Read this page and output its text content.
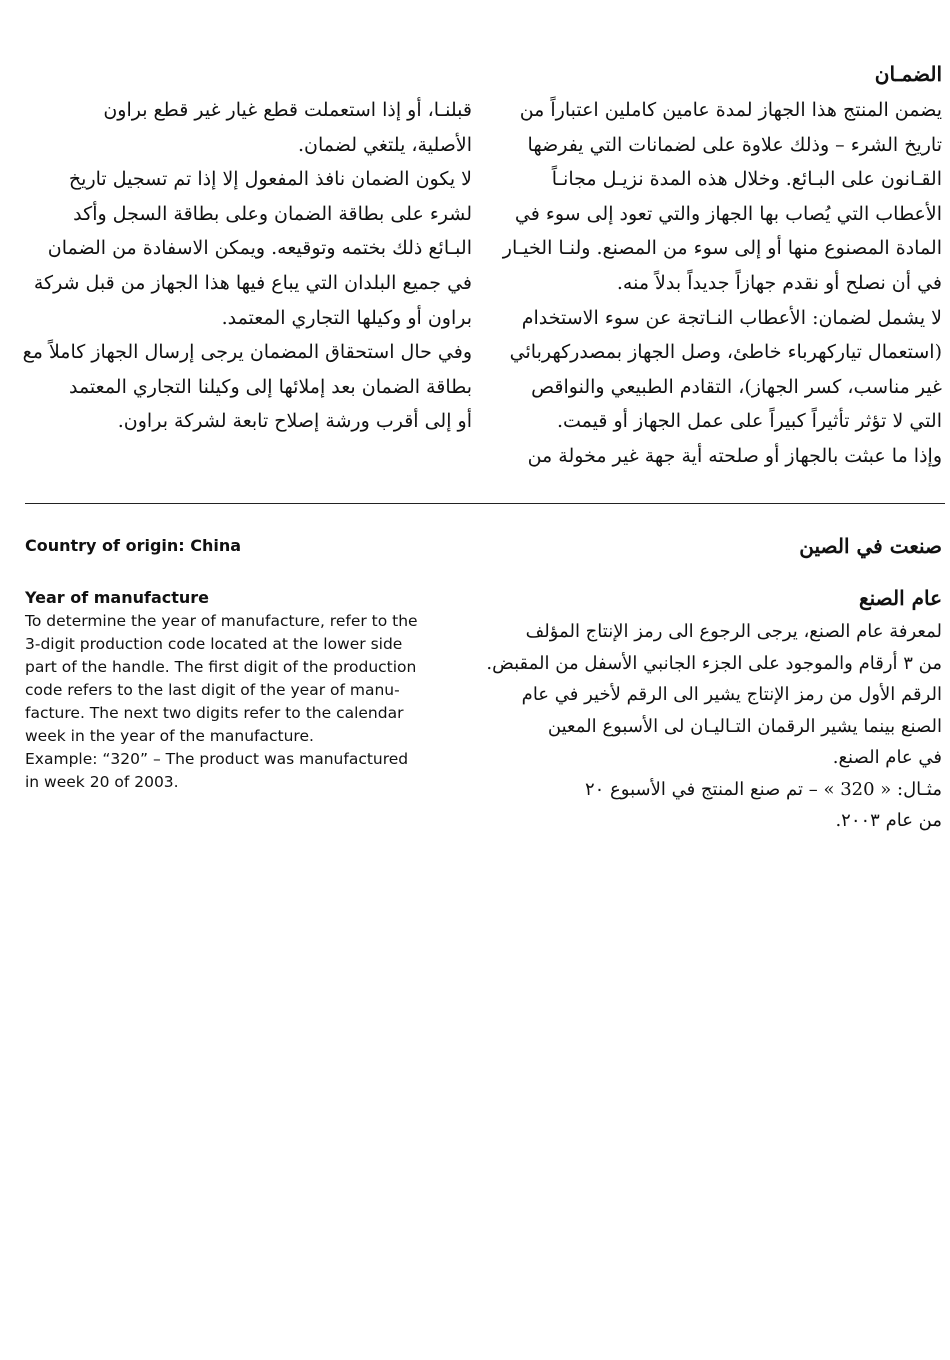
الضمـان

يضمن المنتج هذا الجهاز لمدة عامين كاملين اعتباراً من

تاريخ الشرء – وذلك علاوة على لضمانات التي يفرضها

القـانون على البـائع. وخلال هذه المدة نزيـل مجانـاً

الأعطاب التي يُصاب بها الجهاز والتي تعود إلى سوء في

المادة المصنوع منها أو إلى سوء من المصنع. ولنـا الخيـار

في أن نصلح أو نقدم جهازاً جديداً بدلاً منه.

لا يشمل لضمان: الأعطاب النـاتجة عن سوء الاستخدام

(استعمال تياركهرباء خاطئ، وصل الجهاز بمصدركهربائي

غير مناسب، كسر الجهاز)، التقادم الطبيعي والنواقص

التي لا تؤثر تأثيراً كبيراً على عمل الجهاز أو قيمت.

وإذا ما عبثت بالجهاز أو صلحته أية جهة غير مخولة من

قبلنـا، أو إذا استعملت قطع غيار غير قطع براون

الأصلية، يلتغي لضمان.

لا يكون الضمان نافذ المفعول إلا إذا تم تسجيل تاريخ

لشرء على بطاقة الضمان وعلى بطاقة السجل وأكد

البـائع ذلك بختمه وتوقيعه. ويمكن الاسفادة من الضمان

في جميع البلدان التي يباع فيها هذا الجهاز من قبل شركة

براون أو وكيلها التجاري المعتمد.

وفي حال استحقاق المضمان يرجى إرسال الجهاز كاملاً مع

بطاقة الضمان بعد إملائها إلى وكيلنا التجاري المعتمد

أو إلى أقرب ورشة إصلاح تابعة لشركة براون.

Country of origin: China	صنعت في الصين
Year of manufacture

To determine the year of manufacture, refer to the

3-digit production code located at the lower side

part of the handle. The first digit of the production

code refers to the last digit of the year of manu-

facture. The next two digits refer to the calendar

week in the year of the manufacture.

Example: “320” – The product was manufactured

in week 20 of 2003.

عام الصنع

لمعرفة عام الصنع، يرجى الرجوع الى رمز الإنتاج المؤلف

من ٣ أرقام والموجود على الجزء الجانبي الأسفل من المقبض.

الرقم الأول من رمز الإنتاج يشير الى الرقم لأخير في عام

الصنع بينما يشير الرقمان التـاليـان لى الأسبوع المعين

في عام الصنع.

مثـال: « 320 » – تم صنع المنتج في الأسبوع ٢٠

من عام ٢٠٠٣.
